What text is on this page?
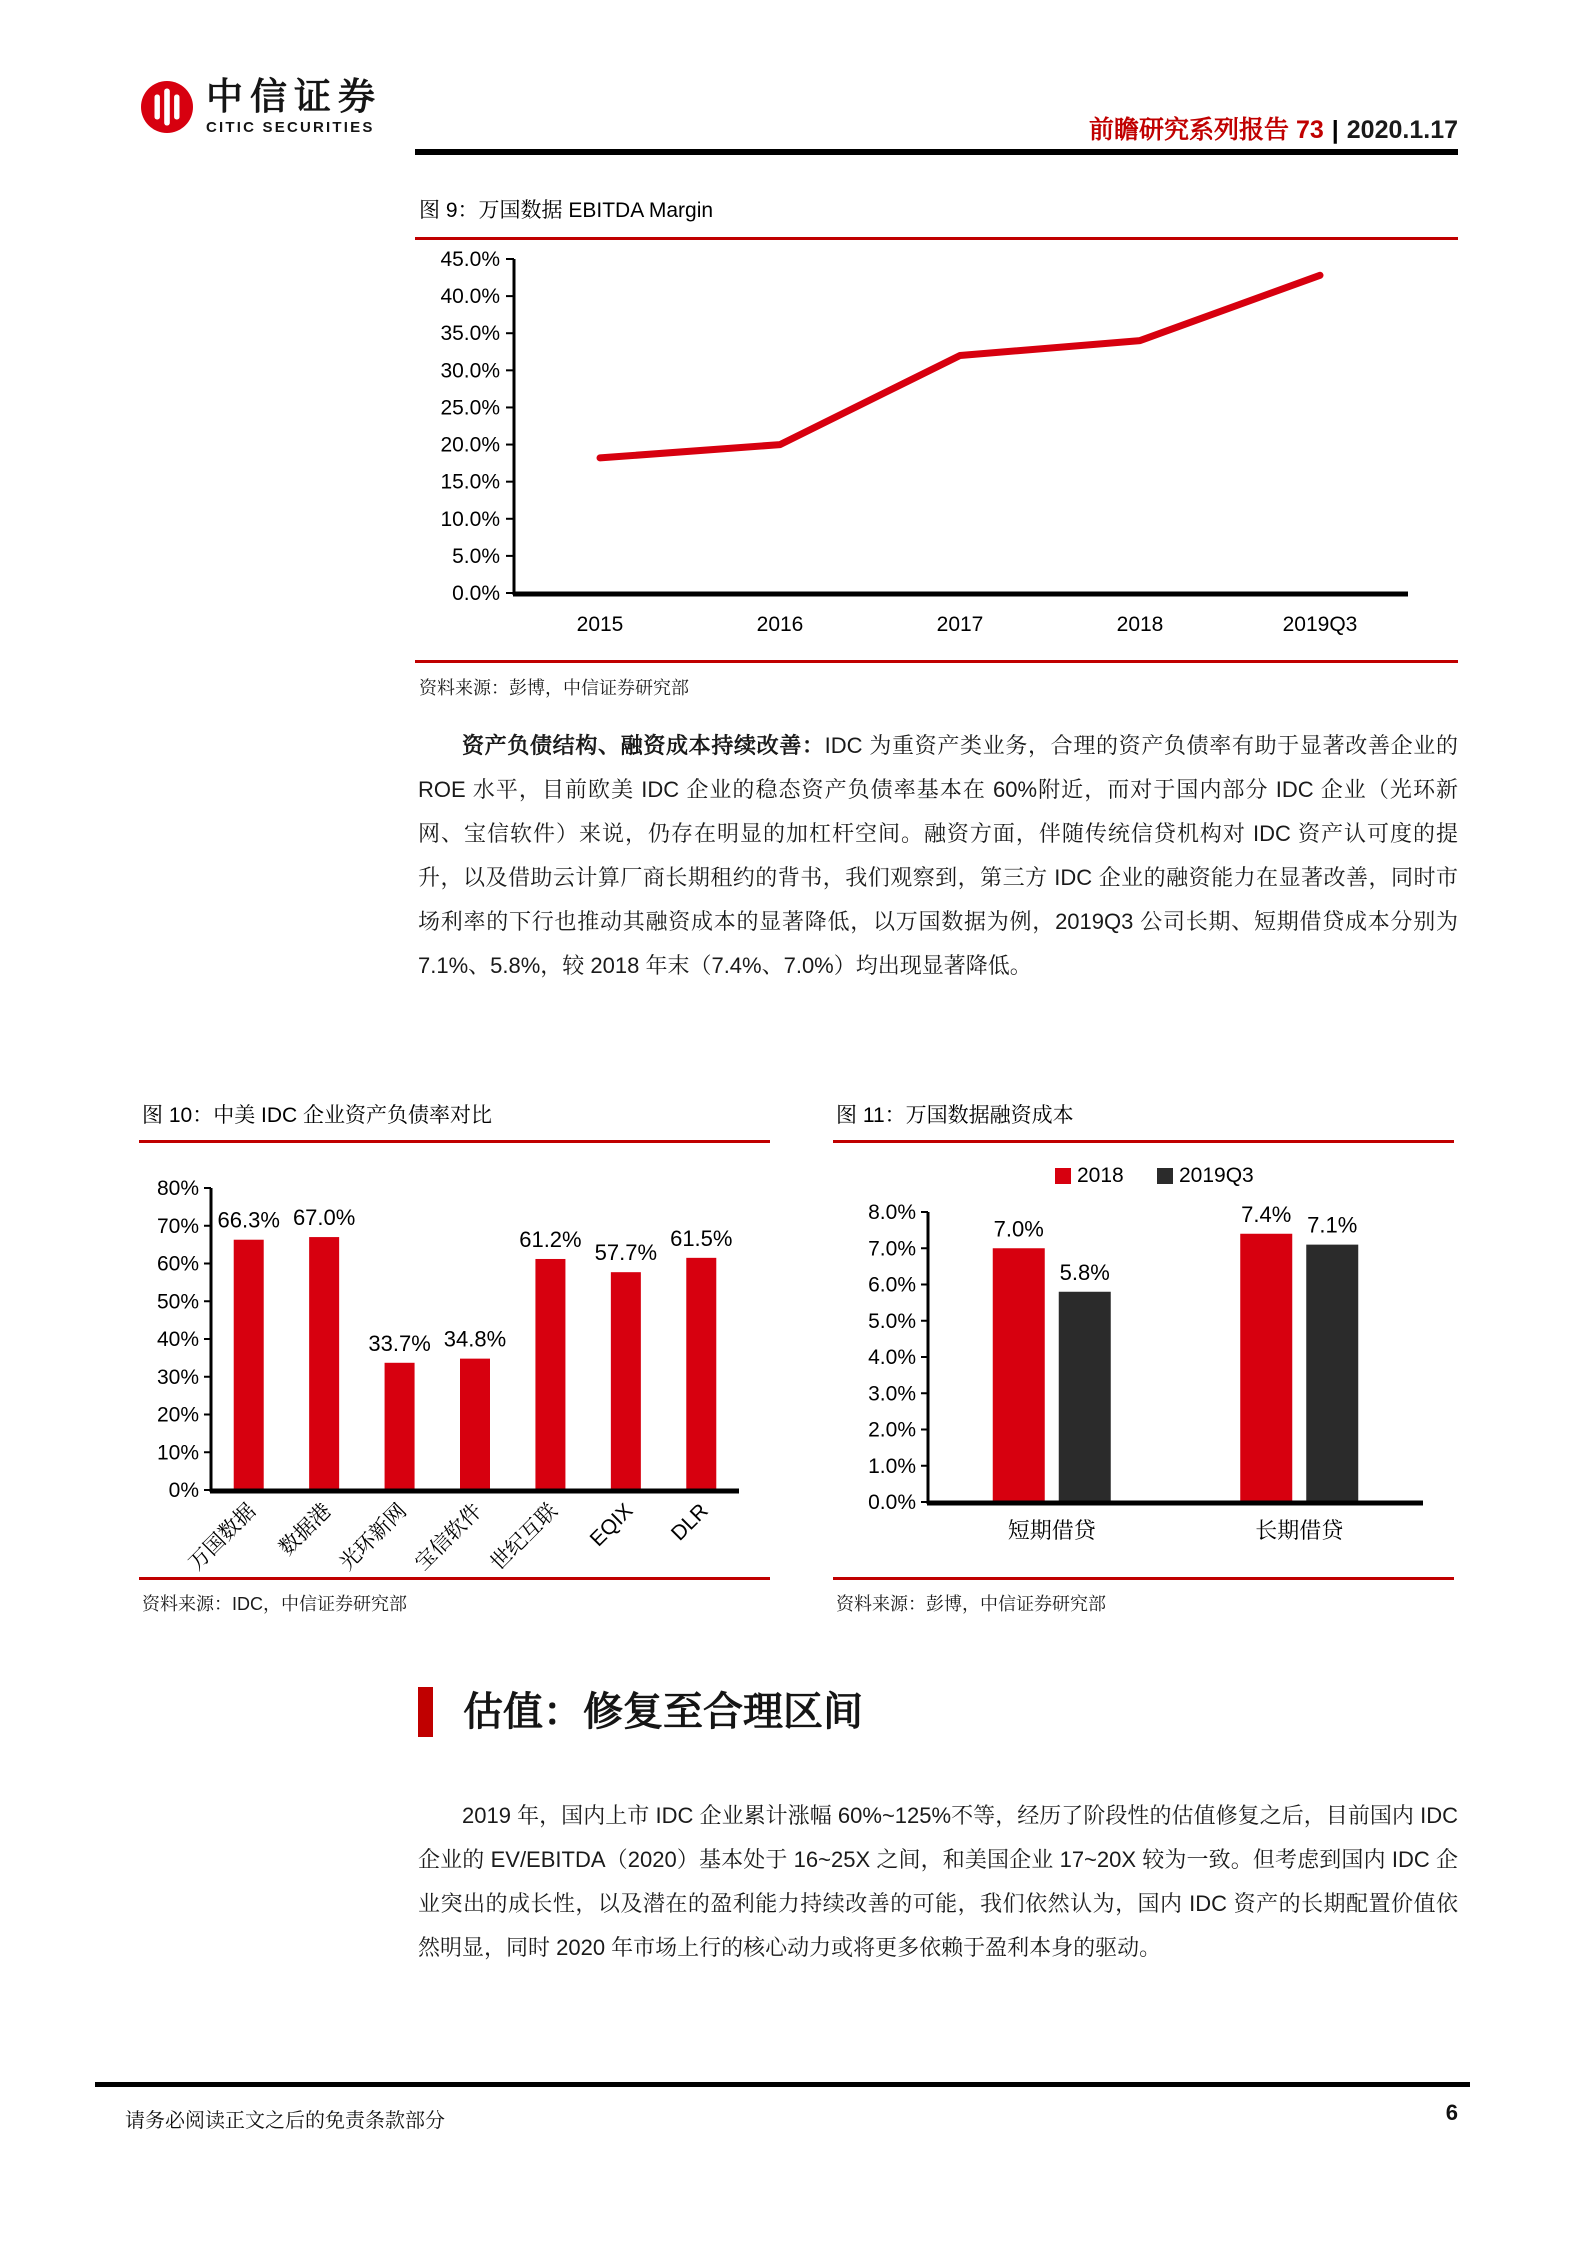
中信证券
CITIC SECURITIES	前瞻研究系列报告 73 | 2020.1.17
图 9：万国数据 EBITDA Margin
0.0%
5.0%
10.0%
15.0%
20.0%
25.0%
30.0%
35.0%
40.0%
45.0%
2015	2016	2017	2018	2019Q3
资料来源：彭博，中信证券研究部
资产负债结构、融资成本持续改善：IDC 为重资产类业务，合理的资产负债率有助于显著改善企业的 ROE 水平，目前欧美 IDC 企业的稳态资产负债率基本在 60%附近，而对于国内部分 IDC 企业（光环新网、宝信软件）来说，仍存在明显的加杠杆空间。融资方面，伴随传统信贷机构对 IDC 资产认可度的提升，以及借助云计算厂商长期租约的背书，我们观察到，第三方 IDC 企业的融资能力在显著改善，同时市场利率的下行也推动其融资成本的显著降低，以万国数据为例，2019Q3 公司长期、短期借贷成本分别为 7.1%、5.8%，较 2018 年末（7.4%、7.0%）均出现显著降低。
图 10：中美 IDC 企业资产负债率对比
0%
10%
20%
30%
40%
50%
60%
70%
80%
66.3%
万国数据
67.0%
数据港
33.7%
光环新网
34.8%
宝信软件
61.2%
世纪互联
57.7%
EQIX
61.5%
DLR
资料来源：IDC，中信证券研究部
图 11：万国数据融资成本
2018	2019Q3
0.0%
1.0%
2.0%
3.0%
4.0%
5.0%
6.0%
7.0%
8.0%
7.0%
5.8%
短期借贷
7.4% 7.1%
长期借贷
资料来源：彭博，中信证券研究部
估值：修复至合理区间
2019 年，国内上市 IDC 企业累计涨幅 60%~125%不等，经历了阶段性的估值修复之后，目前国内 IDC 企业的 EV/EBITDA（2020）基本处于 16~25X 之间，和美国企业 17~20X 较为一致。但考虑到国内 IDC 企业突出的成长性，以及潜在的盈利能力持续改善的可能，我们依然认为，国内 IDC 资产的长期配置价值依然明显，同时 2020 年市场上行的核心动力或将更多依赖于盈利本身的驱动。
请务必阅读正文之后的免责条款部分	6
